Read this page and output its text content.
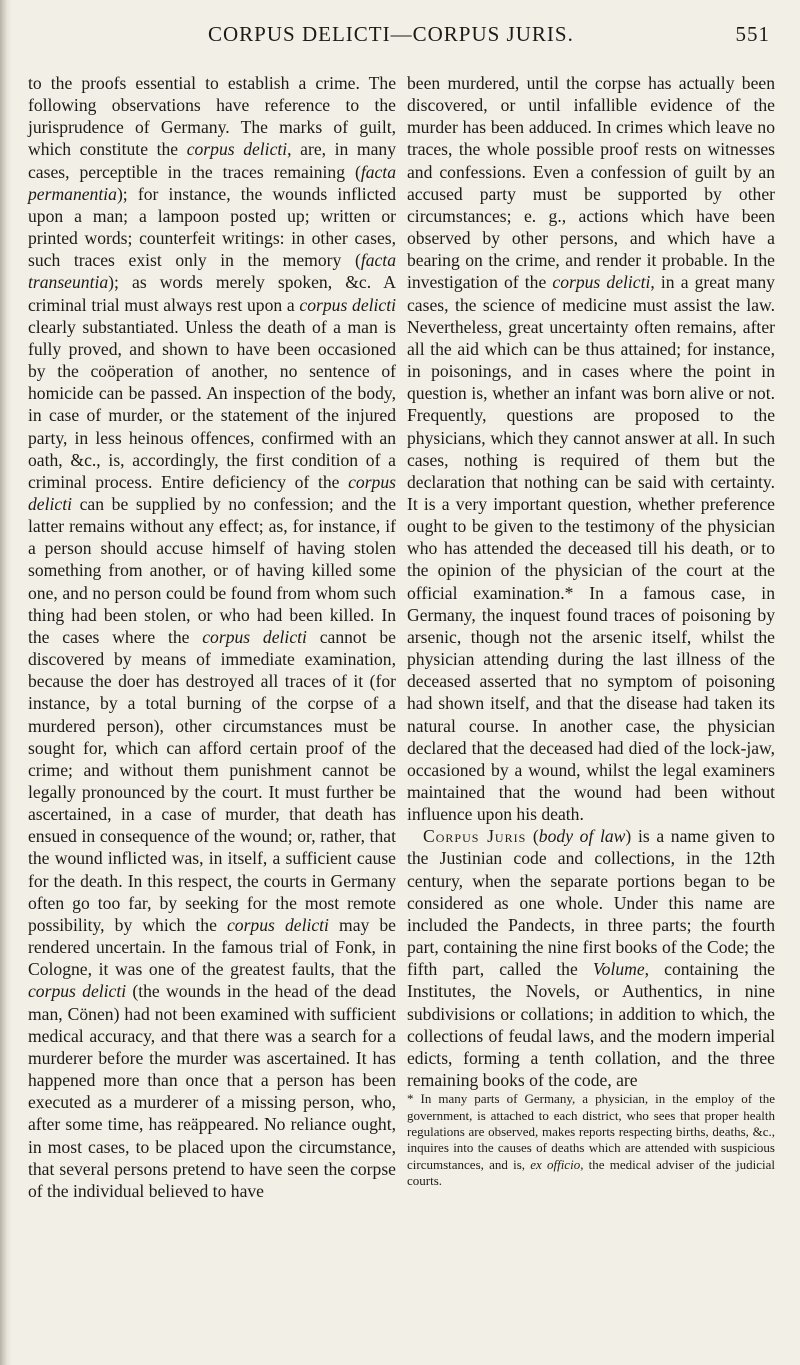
CORPUS DELICTI—CORPUS JURIS.	551

to the proofs essential to establish a crime. The following observations have reference to the jurisprudence of Germany. The marks of guilt, which constitute the corpus delicti, are, in many cases, perceptible in the traces remaining (facta permanentia); for instance, the wounds inflicted upon a man; a lampoon posted up; written or printed words; counterfeit writings: in other cases, such traces exist only in the memory (facta transeuntia); as words merely spoken, &c. A criminal trial must always rest upon a corpus delicti clearly substantiated. Unless the death of a man is fully proved, and shown to have been occasioned by the coöperation of another, no sentence of homicide can be passed. An inspection of the body, in case of murder, or the statement of the injured party, in less heinous offences, confirmed with an oath, &c., is, accordingly, the first condition of a criminal process. Entire deficiency of the corpus delicti can be supplied by no confession; and the latter remains without any effect; as, for instance, if a person should accuse himself of having stolen something from another, or of having killed some one, and no person could be found from whom such thing had been stolen, or who had been killed. In the cases where the corpus delicti cannot be discovered by means of immediate examination, because the doer has destroyed all traces of it (for instance, by a total burning of the corpse of a murdered person), other circumstances must be sought for, which can afford certain proof of the crime; and without them punishment cannot be legally pronounced by the court. It must further be ascertained, in a case of murder, that death has ensued in consequence of the wound; or, rather, that the wound inflicted was, in itself, a sufficient cause for the death. In this respect, the courts in Germany often go too far, by seeking for the most remote possibility, by which the corpus delicti may be rendered uncertain. In the famous trial of Fonk, in Cologne, it was one of the greatest faults, that the corpus delicti (the wounds in the head of the dead man, Cönen) had not been examined with sufficient medical accuracy, and that there was a search for a murderer before the murder was ascertained. It has happened more than once that a person has been executed as a murderer of a missing person, who, after some time, has reäppeared. No reliance ought, in most cases, to be placed upon the circumstance, that several persons pretend to have seen the corpse of the individual believed to have

been murdered, until the corpse has actually been discovered, or until infallible evidence of the murder has been adduced. In crimes which leave no traces, the whole possible proof rests on witnesses and confessions. Even a confession of guilt by an accused party must be supported by other circumstances; e. g., actions which have been observed by other persons, and which have a bearing on the crime, and render it probable. In the investigation of the corpus delicti, in a great many cases, the science of medicine must assist the law. Nevertheless, great uncertainty often remains, after all the aid which can be thus attained; for instance, in poisonings, and in cases where the point in question is, whether an infant was born alive or not. Frequently, questions are proposed to the physicians, which they cannot answer at all. In such cases, nothing is required of them but the declaration that nothing can be said with certainty. It is a very important question, whether preference ought to be given to the testimony of the physician who has attended the deceased till his death, or to the opinion of the physician of the court at the official examination.* In a famous case, in Germany, the inquest found traces of poisoning by arsenic, though not the arsenic itself, whilst the physician attending during the last illness of the deceased asserted that no symptom of poisoning had shown itself, and that the disease had taken its natural course. In another case, the physician declared that the deceased had died of the lock-jaw, occasioned by a wound, whilst the legal examiners maintained that the wound had been without influence upon his death.

Corpus Juris (body of law) is a name given to the Justinian code and collections, in the 12th century, when the separate portions began to be considered as one whole. Under this name are included the Pandects, in three parts; the fourth part, containing the nine first books of the Code; the fifth part, called the Volume, containing the Institutes, the Novels, or Authentics, in nine subdivisions or collations; in addition to which, the collections of feudal laws, and the modern imperial edicts, forming a tenth collation, and the three remaining books of the code, are

* In many parts of Germany, a physician, in the employ of the government, is attached to each district, who sees that proper health regulations are observed, makes reports respecting births, deaths, &c., inquires into the causes of deaths which are attended with suspicious circumstances, and is, ex officio, the medical adviser of the judicial courts.
